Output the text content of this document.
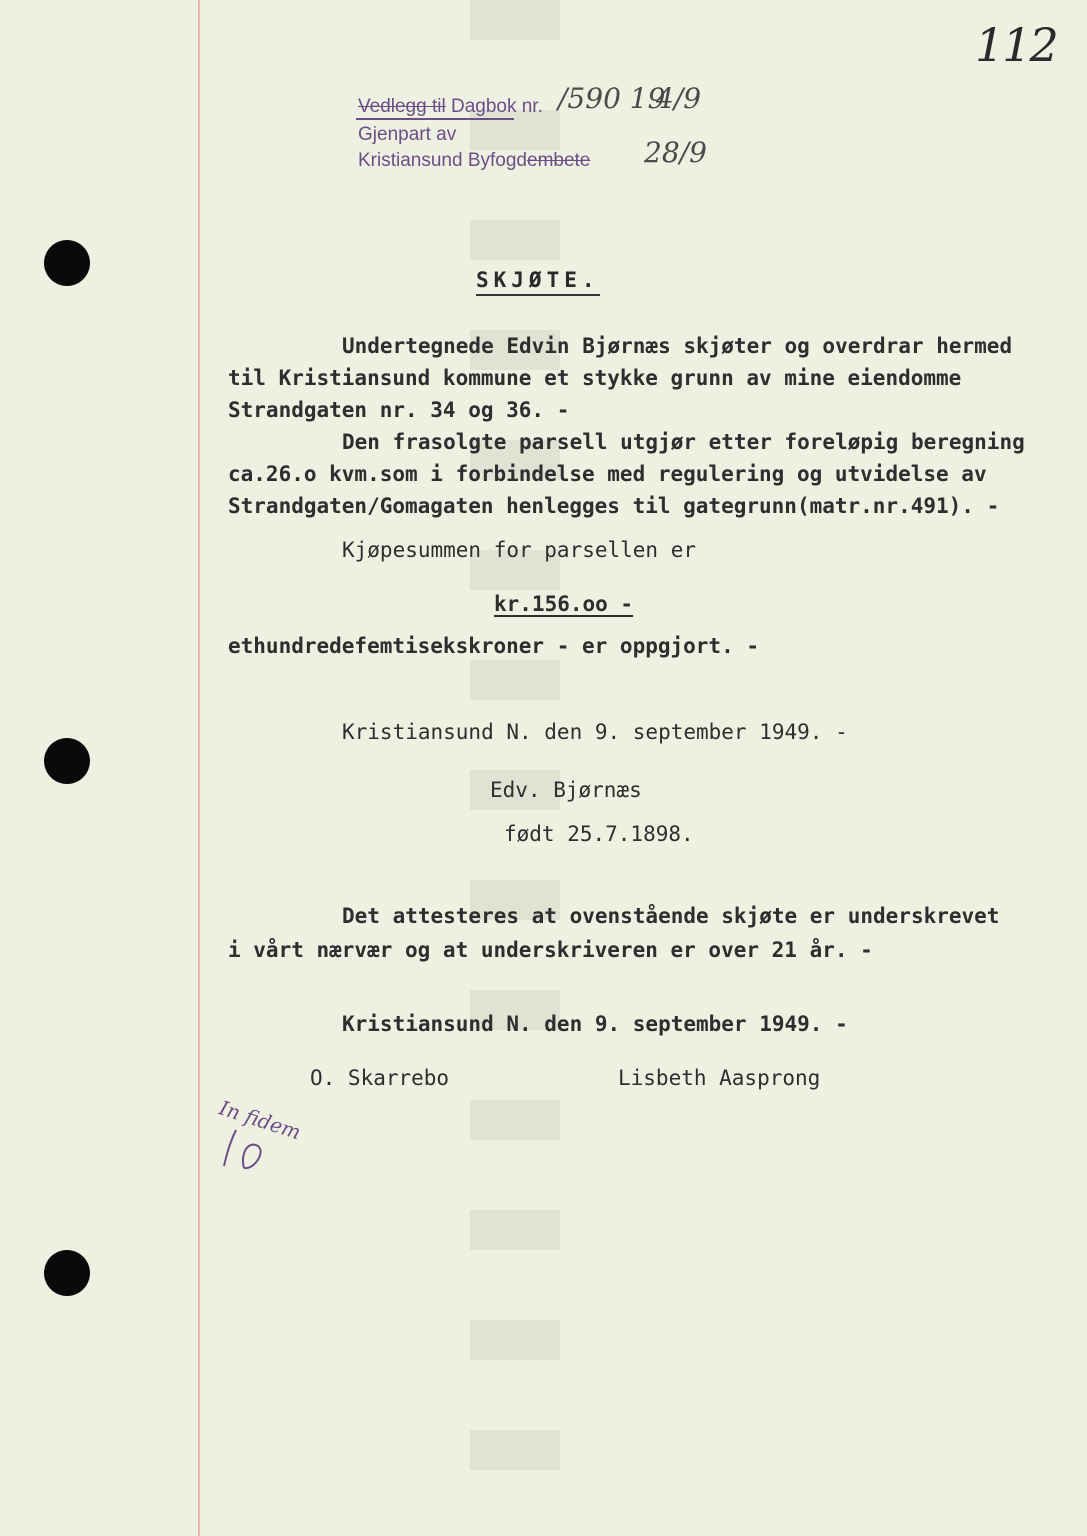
112
Vedlegg til Dagbok nr. /590 19
4/9
Gjenpart av
Kristiansund Byfogdembete 28/9
SKJØTE.
Undertegnede Edvin Bjørnæs skjøter og overdrar hermed
til Kristiansund kommune et stykke grunn av mine eiendomme
Strandgaten nr. 34 og 36. -
Den frasolgte parsell utgjør etter foreløpig beregning
ca.26.o kvm.som i forbindelse med regulering og utvidelse av
Strandgaten/Gomagaten henlegges til gategrunn(matr.nr.491). -
Kjøpesummen for parsellen er
kr.156.oo -
ethundredefemtisekskroner - er oppgjort. -
Kristiansund N. den 9. september 1949. -
Edv. Bjørnæs
født 25.7.1898.
Det attesteres at ovenstående skjøte er underskrevet
i vårt nærvær og at underskriveren er over 21 år. -
Kristiansund N. den 9. september 1949. -
O. Skarrebo	Lisbeth Aasprong
In fidem
